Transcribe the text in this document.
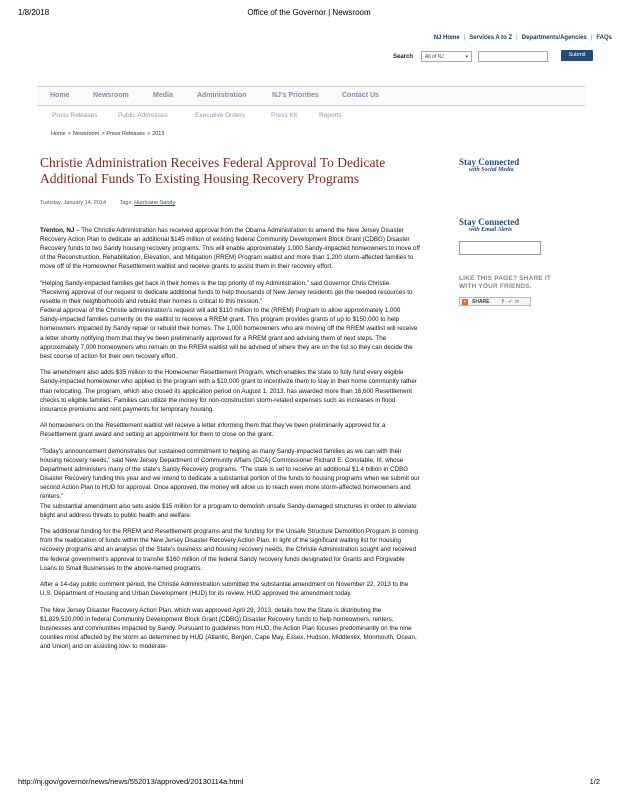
1/8/2018	Office of the Governor | Newsroom
NJ Home | Services A to Z | Departments/Agencies | FAQs
Search	All of NJ	▾	Submit
Home	Newsroom	Media	Administration	NJ's Priorities	Contact Us
Press Releases	Public Addresses	Executive Orders	Press Kit	Reports
Home > Newsroom > Press Releases > 2013
Christie Administration Receives Federal Approval To Dedicate
Additional Funds To Existing Housing Recovery Programs
Tuesday, January 14, 2014 Tags: Hurricane Sandy

Trenton, NJ – The Christie Administration has received approval from the Obama Administration to amend the New Jersey Disaster Recovery Action Plan to dedicate an additional $145 million of existing federal Community Development Block Grant (CDBG) Disaster Recovery funds to two Sandy housing recovery programs. This will enable approximately 1,000 Sandy-impacted homeowners to move off of the Reconstruction, Rehabilitation, Elevation, and Mitigation (RREM) Program waitlist and more than 1,200 storm-affected families to move off of the Homeowner Resettlement waitlist and receive grants to assist them in their recovery effort.

“Helping Sandy-impacted families get back in their homes is the top priority of my Administration,” said Governor Chris Christie. “Receiving approval of our request to dedicate additional funds to help thousands of New Jersey residents get the needed resources to resettle in their neighborhoods and rebuild their homes is critical to this mission.”

Federal approval of the Christie administration’s request will add $110 million to the (RREM) Program to allow approximately 1,000 Sandy-impacted families currently on the waitlist to receive a RREM grant. This program provides grants of up to $150,000 to help homeowners impacted by Sandy repair or rebuild their homes. The 1,000 homeowners who are moving off the RREM waitlist will receive a letter shortly notifying them that they’ve been preliminarily approved for a RREM grant and advising them of next steps. The approximately 7,000 homeowners who remain on the RREM waitlist will be advised of where they are on the list so they can decide the best course of action for their own recovery effort.

The amendment also adds $35 million to the Homeowner Resettlement Program, which enables the state to fully fund every eligible Sandy-impacted homeowner who applied to the program with a $10,000 grant to incentivize them to stay in their home community rather than relocating. The program, which also closed its application period on August 1, 2013, has awarded more than 16,600 Resettlement checks to eligible families. Families can utilize the money for non-construction storm-related expenses such as increases in flood insurance premiums and rent payments for temporary housing.

All homeowners on the Resettlement waitlist will receive a letter informing them that they’ve been preliminarily approved for a Resettlement grant award and setting an appointment for them to close on the grant.

“Today’s announcement demonstrates our sustained commitment to helping as many Sandy-impacted families as we can with their housing recovery needs,” said New Jersey Department of Community Affairs (DCA) Commissioner Richard E. Constable, III, whose Department administers many of the state’s Sandy Recovery programs. “The state is set to receive an additional $1.4 billion in CDBG Disaster Recovery funding this year and we intend to dedicate a substantial portion of the funds to housing programs when we submit our second Action Plan to HUD for approval. Once approved, the money will allow us to reach even more storm-affected homeowners and renters.”

The substantial amendment also sets aside $15 million for a program to demolish unsafe Sandy-damaged structures in order to alleviate blight and address threats to public health and welfare.

The additional funding for the RREM and Resettlement programs and the funding for the Unsafe Structure Demolition Program is coming from the reallocation of funds within the New Jersey Disaster Recovery Action Plan. In light of the significant waiting list for housing recovery programs and an analysis of the State’s business and housing recovery needs, the Christie Administration sought and received the federal government’s approval to transfer $160 million of the federal Sandy recovery funds designated for Grants and Forgivable Loans to Small Businesses to the above-named programs.

After a 14-day public comment period, the Christie Administration submitted the substantial amendment on November 22, 2013 to the U.S. Department of Housing and Urban Development (HUD) for its review. HUD approved the amendment today.

The New Jersey Disaster Recovery Action Plan, which was approved April 29, 2013, details how the State is distributing the $1,829,520,000 in federal Community Development Block Grant (CDBG) Disaster Recovery funds to help homeowners, renters, businesses and communities impacted by Sandy. Pursuant to guidelines from HUD, the Action Plan focuses predominantly on the nine counties most affected by the storm as determined by HUD (Atlantic, Bergen, Cape May, Essex, Hudson, Middlesex, Monmouth, Ocean, and Union) and on assisting low- to moderate-

Stay Connected
with Social Media
Stay Connected
with Email Alerts
LIKE THIS PAGE? SHARE IT
WITH YOUR FRIENDS.
+	SHARE f ✔ ✉
http://nj.gov/governor/news/news/552013/approved/20130114a.html	1/2
